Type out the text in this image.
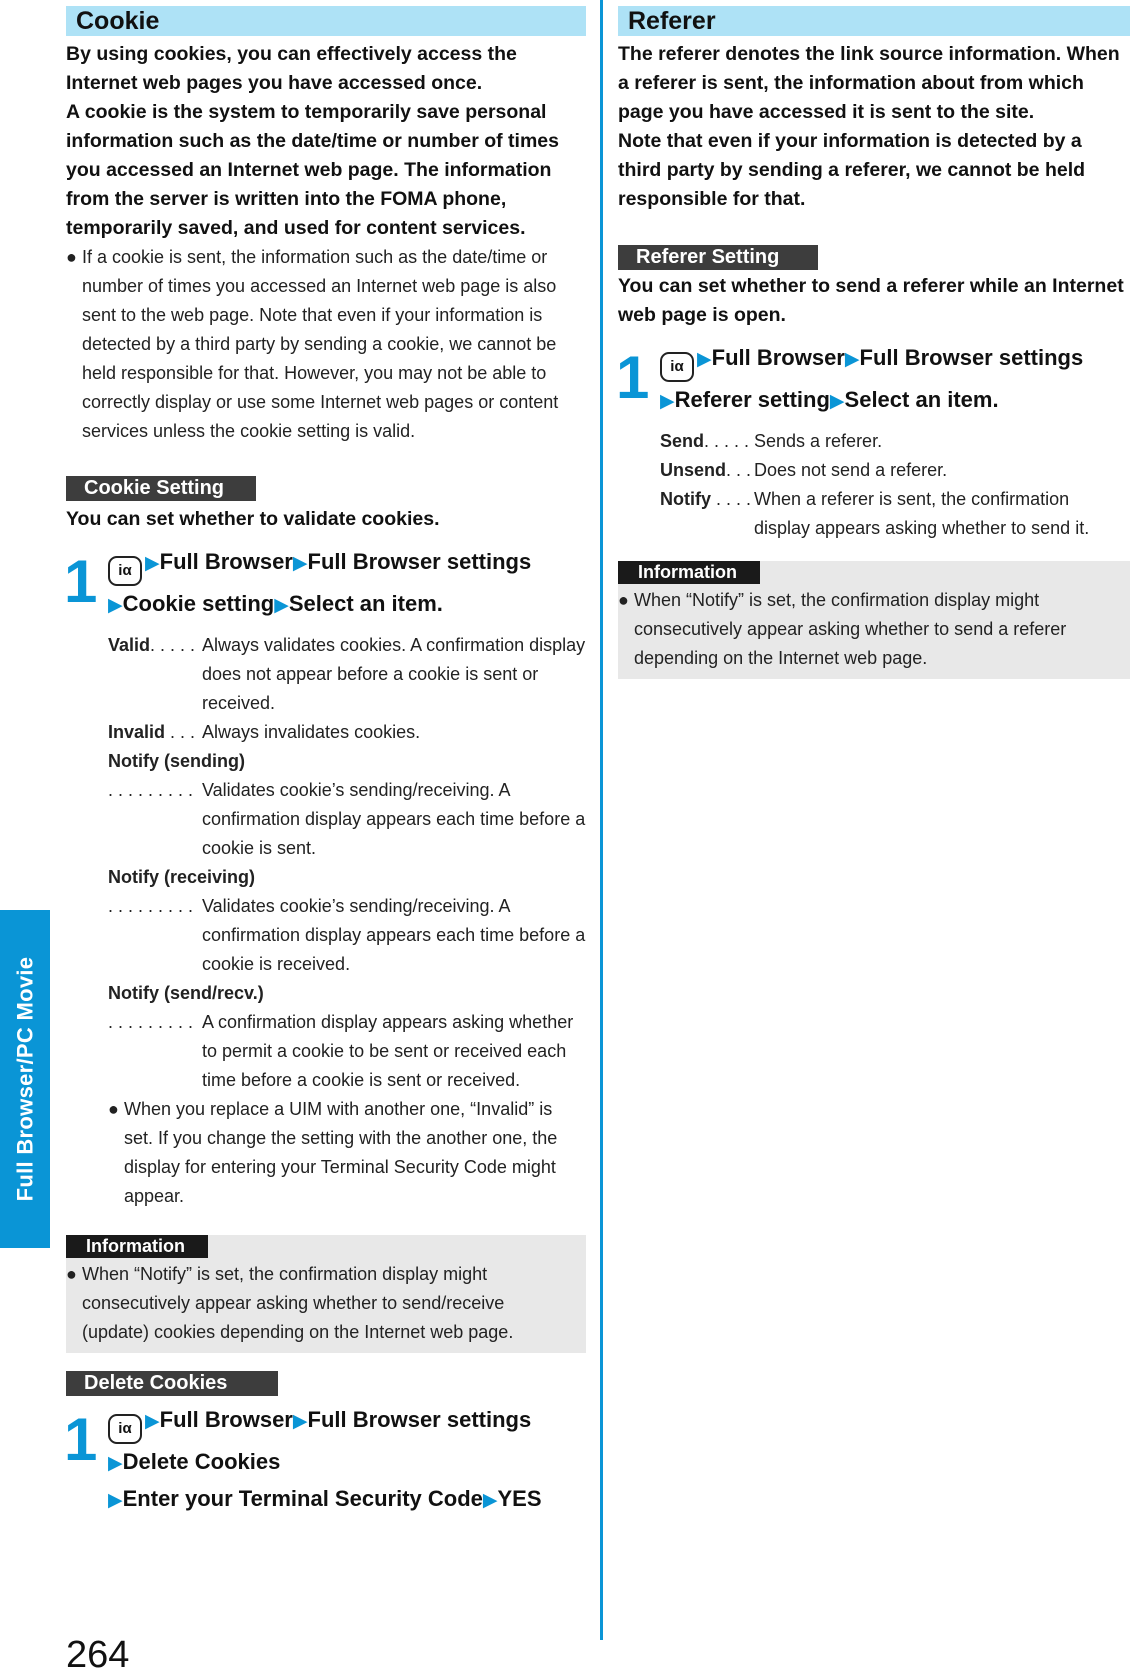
Full Browser/PC Movie
Cookie

By using cookies, you can effectively access the Internet web pages you have accessed once.

A cookie is the system to temporarily save personal information such as the date/time or number of times you accessed an Internet web page. The information from the server is written into the FOMA phone, temporarily saved, and used for content services.

● If a cookie is sent, the information such as the date/time or number of times you accessed an Internet web page is also sent to the web page. Note that even if your information is detected by a third party by sending a cookie, we cannot be held responsible for that. However, you may not be able to correctly display or use some Internet web pages or content services unless the cookie setting is valid.

Cookie Setting

You can set whether to validate cookies.

1	iα ▶Full Browser▶Full Browser settings

▶Cookie setting▶Select an item.

Valid. . . . . Always validates cookies. A confirmation display does not appear before a cookie is sent or received.

Invalid . . . Always invalidates cookies.

Notify (sending)

. . . . . . . . . Validates cookie’s sending/receiving. A confirmation display appears each time before a cookie is sent.

Notify (receiving)

. . . . . . . . . Validates cookie’s sending/receiving. A confirmation display appears each time before a cookie is received.

Notify (send/recv.)

. . . . . . . . . A confirmation display appears asking whether to permit a cookie to be sent or received each time before a cookie is sent or received.

● When you replace a UIM with another one, “Invalid” is set. If you change the setting with the another one, the display for entering your Terminal Security Code might appear.

Information

● When “Notify” is set, the confirmation display might consecutively appear asking whether to send/receive (update) cookies depending on the Internet web page.

Delete Cookies
1	iα ▶Full Browser▶Full Browser settings

▶Delete Cookies

▶Enter your Terminal Security Code▶YES

Referer

The referer denotes the link source information. When a referer is sent, the information about from which page you have accessed it is sent to the site.

Note that even if your information is detected by a third party by sending a referer, we cannot be held responsible for that.

Referer Setting

You can set whether to send a referer while an Internet web page is open.

1	iα ▶Full Browser▶Full Browser settings

▶Referer setting▶Select an item.

Send. . . . . Sends a referer.

Unsend. . . Does not send a referer.

Notify . . . . When a referer is sent, the confirmation display appears asking whether to send it.

Information

● When “Notify” is set, the confirmation display might consecutively appear asking whether to send a referer depending on the Internet web page.

264
